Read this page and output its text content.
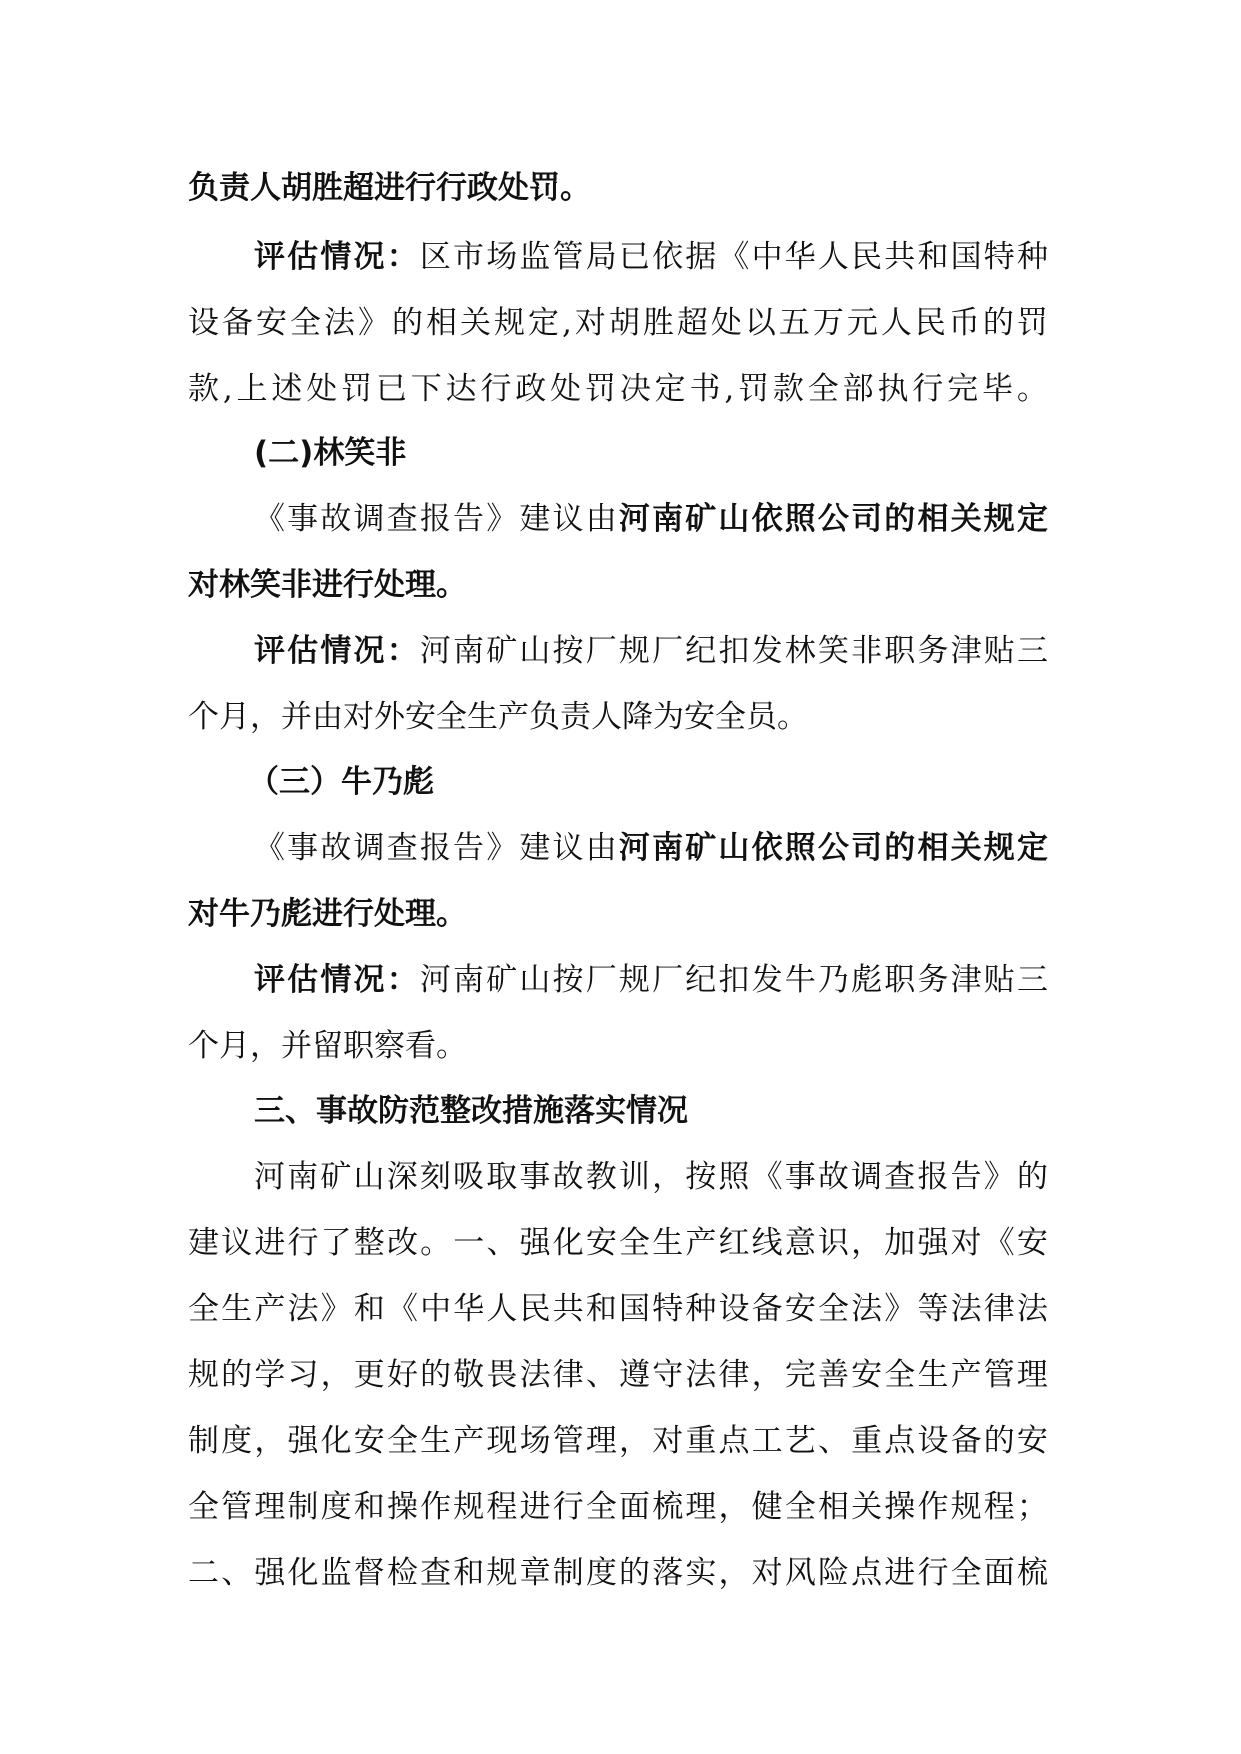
负责人胡胜超进行行政处罚。
评 估 情 况 ： 区 市 场 监 管 局 已 依 据 《 中 华 人 民 共 和 国 特 种
设 备 安 全 法 》 的 相 关 规 定 , 对 胡 胜 超 处 以 五 万 元 人 民 币 的 罚
款 , 上 述 处 罚 已 下 达 行 政 处 罚 决 定 书 , 罚 款 全 部 执 行 完 毕 。
(二)林笑非
《 事 故 调 查 报 告 》 建 议 由 河 南 矿 山 依 照 公 司 的 相 关 规 定
对林笑非进行处理。
评 估 情 况 ： 河 南 矿 山 按 厂 规 厂 纪 扣 发 林 笑 非 职 务 津 贴 三
个月，并由对外安全生产负责人降为安全员。
（三）牛乃彪
《 事 故 调 查 报 告 》 建 议 由 河 南 矿 山 依 照 公 司 的 相 关 规 定
对牛乃彪进行处理。
评 估 情 况 ： 河 南 矿 山 按 厂 规 厂 纪 扣 发 牛 乃 彪 职 务 津 贴 三
个月，并留职察看。
三、事故防范整改措施落实情况
河 南 矿 山 深 刻 吸 取 事 故 教 训 ， 按 照 《 事 故 调 查 报 告 》 的
建 议 进 行 了 整 改 。 一 、 强 化 安 全 生 产 红 线 意 识 ， 加 强 对 《 安
全 生 产 法 》 和 《 中 华 人 民 共 和 国 特 种 设 备 安 全 法 》 等 法 律 法
规 的 学 习 ， 更 好 的 敬 畏 法 律 、 遵 守 法 律 ， 完 善 安 全 生 产 管 理
制 度 ， 强 化 安 全 生 产 现 场 管 理 ， 对 重 点 工 艺 、 重 点 设 备 的 安
全 管 理 制 度 和 操 作 规 程 进 行 全 面 梳 理 ， 健 全 相 关 操 作 规 程 ；
二 、 强 化 监 督 检 查 和 规 章 制 度 的 落 实 ， 对 风 险 点 进 行 全 面 梳
